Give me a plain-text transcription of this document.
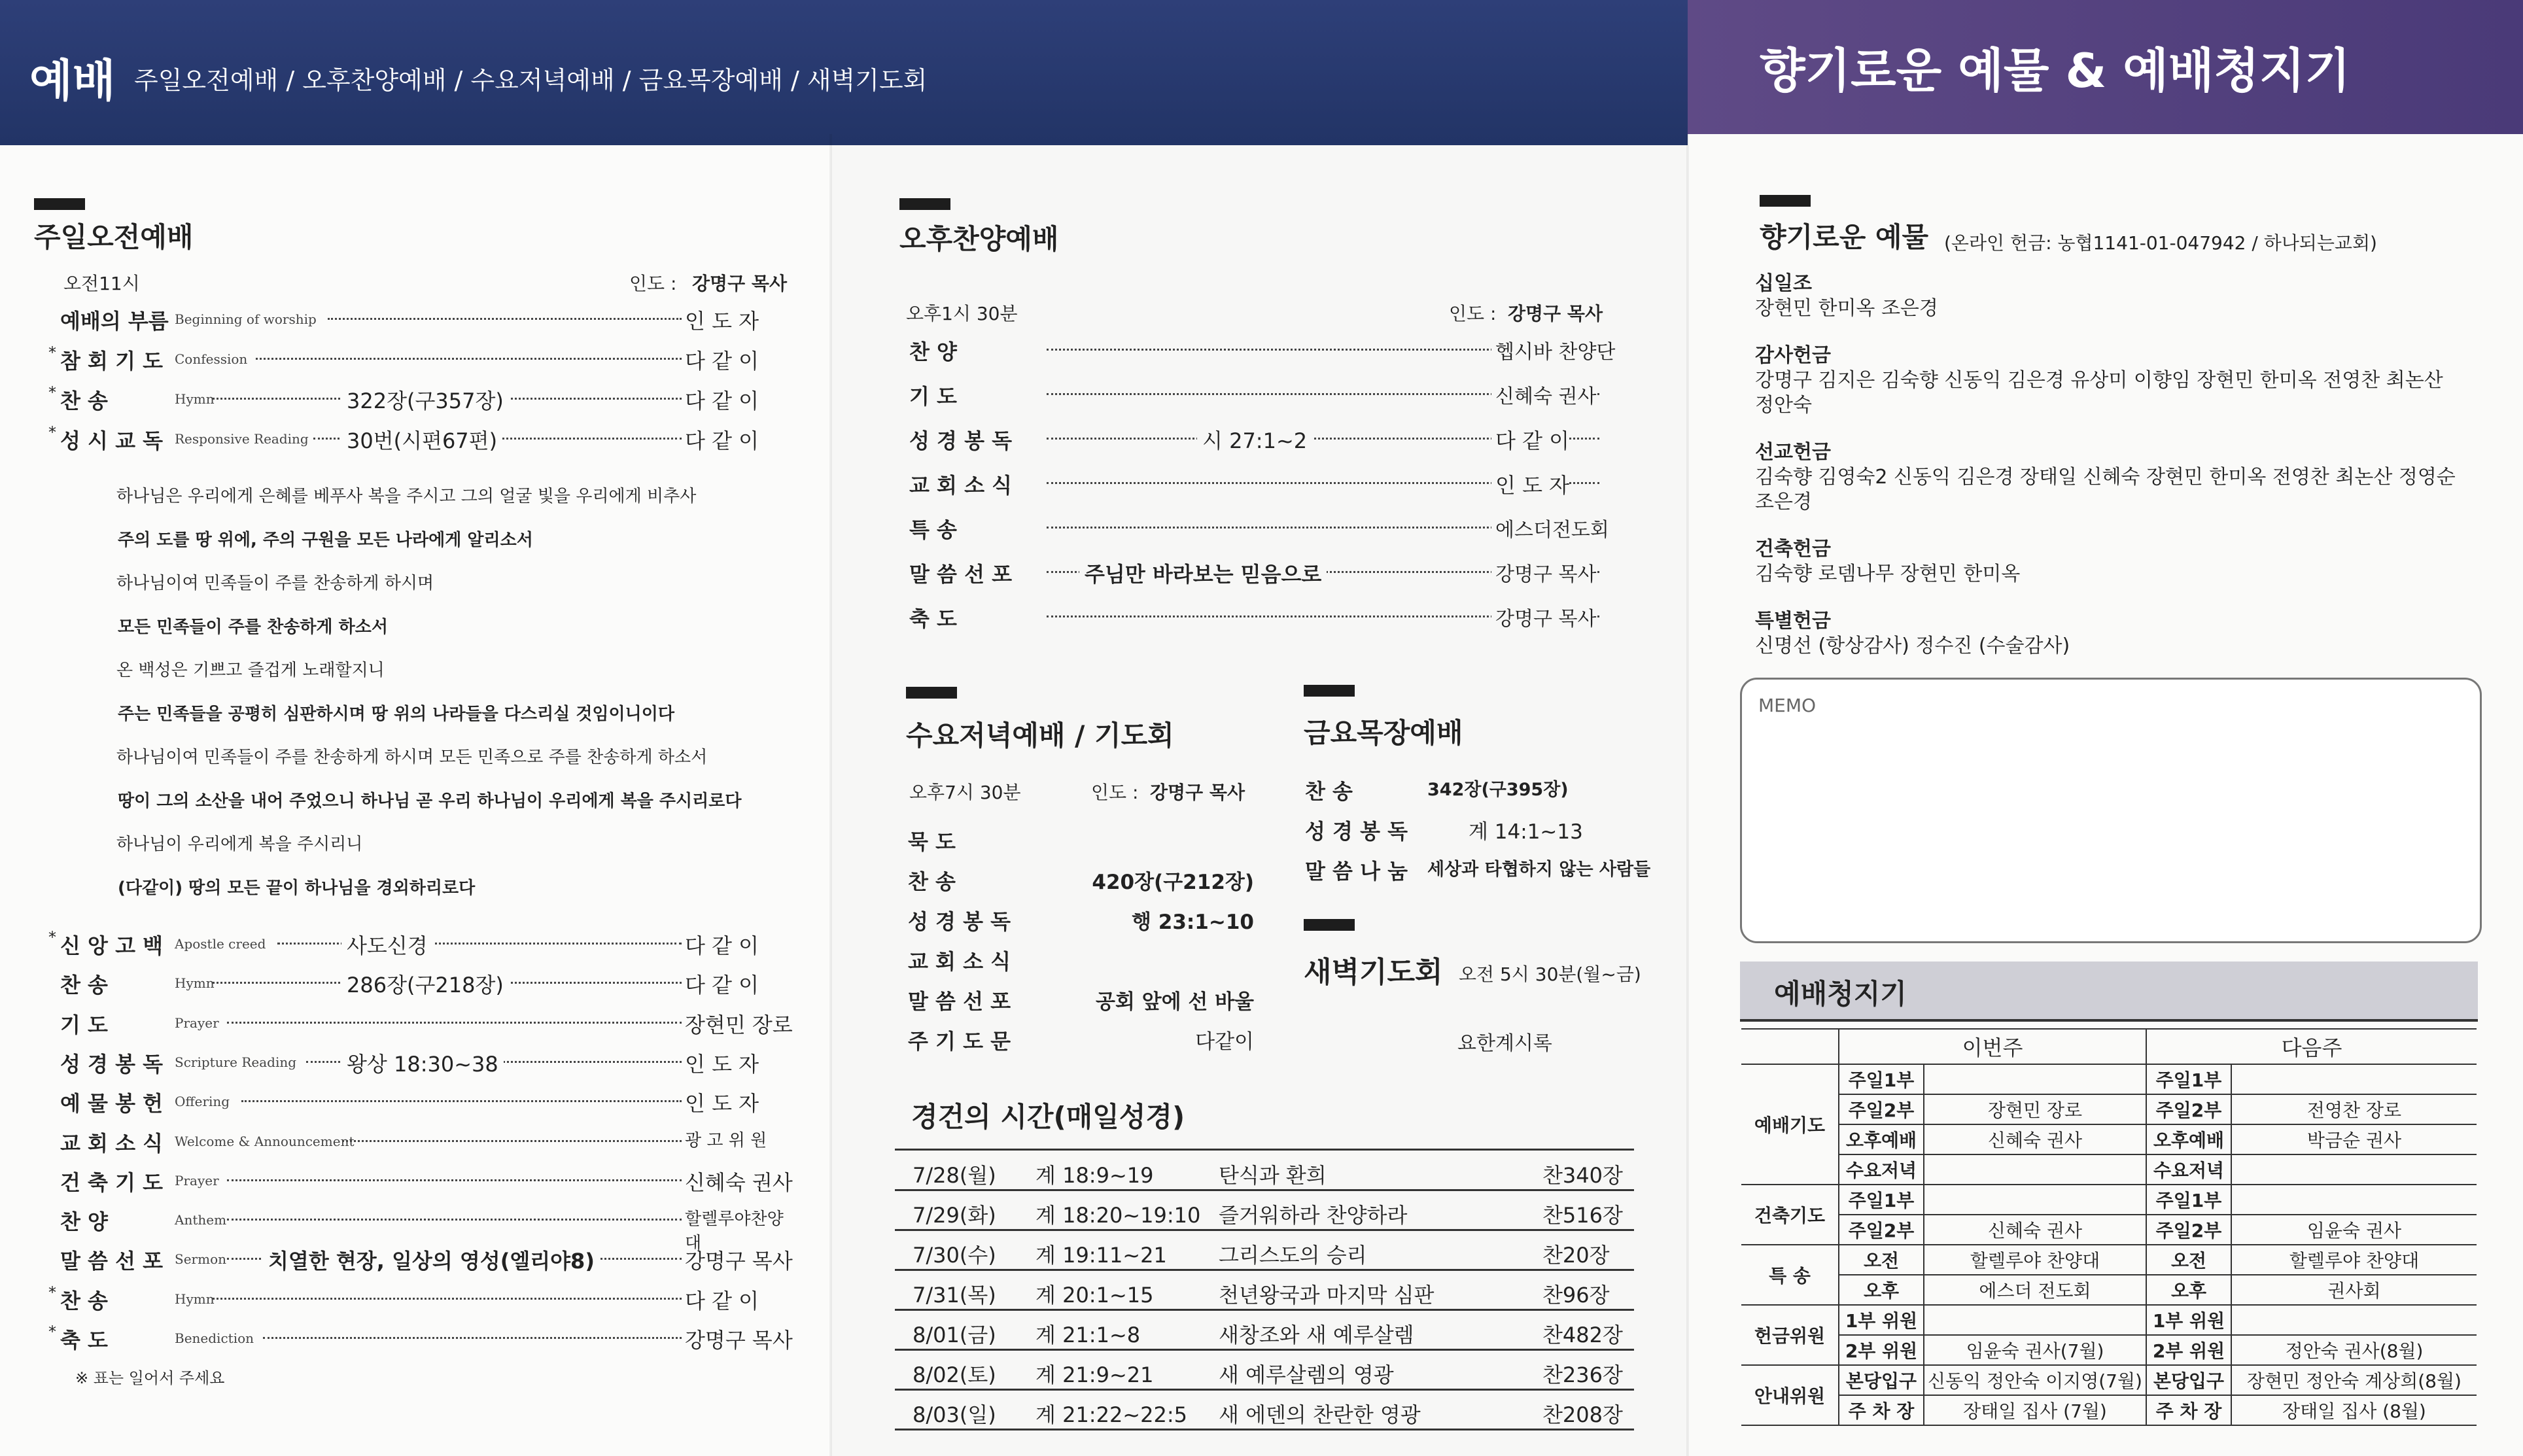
예배 주일오전예배 / 오후찬양예배 / 수요저녁예배 / 금요목장예배 / 새벽기도회	향기로운 예물 & 예배청지기
주일오전예배
오전11시	인도 : 강명구 목사
예배의 부름 Beginning of worship	인 도 자
* 참 회 기 도 Confession	다 같 이
* 찬 송	Hymn	322장(구357장)	다 같 이
* 성 시 교 독 Responsive Reading 30번(시편67편)	다 같 이
하나님은 우리에게 은혜를 베푸사 복을 주시고 그의 얼굴 빛을 우리에게 비추사
주의 도를 땅 위에, 주의 구원을 모든 나라에게 알리소서
하나님이여 민족들이 주를 찬송하게 하시며
모든 민족들이 주를 찬송하게 하소서
온 백성은 기쁘고 즐겁게 노래할지니
주는 민족들을 공평히 심판하시며 땅 위의 나라들을 다스리실 것임이니이다
하나님이여 민족들이 주를 찬송하게 하시며 모든 민족으로 주를 찬송하게 하소서
땅이 그의 소산을 내어 주었으니 하나님 곧 우리 하나님이 우리에게 복을 주시리로다
하나님이 우리에게 복을 주시리니
(다같이) 땅의 모든 끝이 하나님을 경외하리로다
* 신 앙 고 백 Apostle creed	사도신경	다 같 이
찬 송	Hymn	286장(구218장)	다 같 이
기 도	Prayer	장현민 장로
성 경 봉 독 Scripture Reading 왕상 18:30~38	인 도 자
예 물 봉 헌 Offering	인 도 자
교 회 소 식 Welcome & Announcement	광 고 위 원
건 축 기 도 Prayer	신혜숙 권사
찬 양	Anthem	할렐루야찬양대
말 씀 선 포 Sermon 치열한 현장, 일상의 영성(엘리야8)	강명구 목사
* 찬 송	Hymn	다 같 이
* 축 도	Benediction	강명구 목사
※ 표는 일어서 주세요
오후찬양예배
오후1시 30분	인도 : 강명구 목사
찬 양	헵시바 찬양단
기 도	신혜숙 권사
성 경 봉 독	시 27:1~2	다 같 이
교 회 소 식	인 도 자
특 송	에스더전도회
말 씀 선 포	주님만 바라보는 믿음으로	강명구 목사
축 도	강명구 목사
수요저녁예배 / 기도회
오후7시 30분	인도 : 강명구 목사
묵 도
찬 송	420장(구212장)
성 경 봉 독	행 23:1~10
교 회 소 식
말 씀 선 포	공회 앞에 선 바울
주 기 도 문	다같이
금요목장예배
찬 송	342장(구395장)
성 경 봉 독	계 14:1~13
말 씀 나 눔 세상과 타협하지 않는 사람들
새벽기도회 오전 5시 30분(월~금)
요한계시록
경건의 시간(매일성경)
7/28(월) 계 18:9~19	탄식과 환희	찬340장
7/29(화) 계 18:20~19:10 즐거워하라 찬양하라	찬516장
7/30(수) 계 19:11~21 그리스도의 승리	찬20장
7/31(목) 계 20:1~15	천년왕국과 마지막 심판	찬96장
8/01(금) 계 21:1~8	새창조와 새 예루살렘	찬482장
8/02(토) 계 21:9~21	새 예루살렘의 영광	찬236장
8/03(일) 계 21:22~22:5 새 에덴의 찬란한 영광	찬208장
향기로운 예물 (온라인 헌금: 농협1141-01-047942 / 하나되는교회)
십일조
장현민 한미옥 조은경
감사헌금
강명구 김지은 김숙향 신동익 김은경 유상미 이향임 장현민 한미옥 전영찬 최논산
정안숙
선교헌금
김숙향 김영숙2 신동익 김은경 장태일 신혜숙 장현민 한미옥 전영찬 최논산 정영순
조은경
건축헌금
김숙향 로뎀나무 장현민 한미옥
특별헌금
신명선 (항상감사) 정수진 (수술감사)
MEMO
예배청지기
	이번주		다음주	
예배기도	주일1부		주일1부	
	주일2부	장현민 장로	주일2부	전영찬 장로
	오후예배	신혜숙 권사	오후예배	박금순 권사
	수요저녁		수요저녁	
건축기도	주일1부		주일1부	
	주일2부	신혜숙 권사	주일2부	임윤숙 권사
특 송	오전	할렐루야 찬양대	오전	할렐루야 찬양대
	오후	에스더 전도회	오후	권사회
헌금위원	1부 위원		1부 위원	
	2부 위원	임윤숙 권사(7월)	2부 위원	정안숙 권사(8월)
안내위원	본당입구	신동익 정안숙 이지영(7월)	본당입구	장현민 정안숙 계상희(8월)
	주 차 장	장태일 집사 (7월)	주 차 장	장태일 집사 (8월)
